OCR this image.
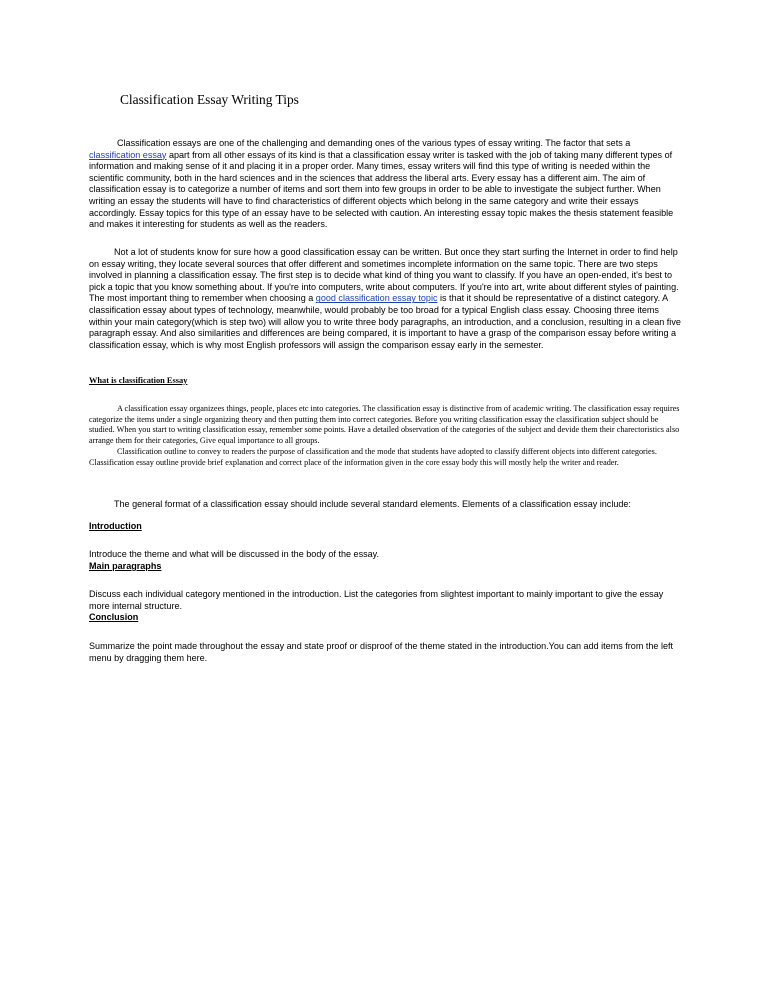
Classification Essay Writing Tips

Classification essays are one of the challenging and demanding ones of the various types of essay writing. The factor that sets a classification essay apart from all other essays of its kind is that a classification essay writer is tasked with the job of taking many different types of information and making sense of it and placing it in a proper order. Many times, essay writers will find this type of writing is needed within the scientific community, both in the hard sciences and in the sciences that address the liberal arts. Every essay has a different aim. The aim of classification essay is to categorize a number of items and sort them into few groups in order to be able to investigate the subject further. When writing an essay the students will have to find characteristics of different objects which belong in the same category and write their essays accordingly. Essay topics for this type of an essay have to be selected with caution. An interesting essay topic makes the thesis statement feasible and makes it interesting for students as well as the readers.

Not a lot of students know for sure how a good classification essay can be written. But once they start surfing the Internet in order to find help on essay writing, they locate several sources that offer different and sometimes incomplete information on the same topic. There are two steps involved in planning a classification essay. The first step is to decide what kind of thing you want to classify. If you have an open-ended, it's best to pick a topic that you know something about. If you're into computers, write about computers. If you're into art, write about different styles of painting. The most important thing to remember when choosing a good classification essay topic is that it should be representative of a distinct category. A classification essay about types of technology, meanwhile, would probably be too broad for a typical English class essay. Choosing three items within your main category(which is step two) will allow you to write three body paragraphs, an introduction, and a conclusion, resulting in a clean five paragraph essay. And also similarities and differences are being compared, it is important to have a grasp of the comparison essay before writing a classification essay, which is why most English professors will assign the comparison essay early in the semester.

What is classification Essay

A classification essay organizees things, people, places etc into categories. The classification essay is distinctive from of academic writing. The classification essay requires categorize the items under a single organizing theory and then putting them into correct categories. Before you writing classification essay the classification subject should be studied. When you start to writing classification essay, remember some points. Have a detailed observation of the categories of the subject and devide them their charectoristics also arrange them for their categories, Give equal importance to all groups.

Classification outline to convey to readers the purpose of classification and the mode that students have adopted to classify different objects into different categories. Classification essay outline provide brief explanation and correct place of the information given in the core essay body this will mostly help the writer and reader.

The general format of a classification essay should include several standard elements. Elements of a classification essay include:

Introduction
Introduce the theme and what will be discussed in the body of the essay.
Main paragraphs

Discuss each individual category mentioned in the introduction. List the categories from slightest important to mainly important to give the essay more internal structure.

Conclusion

Summarize the point made throughout the essay and state proof or disproof of the theme stated in the introduction.You can add items from the left menu by dragging them here.
